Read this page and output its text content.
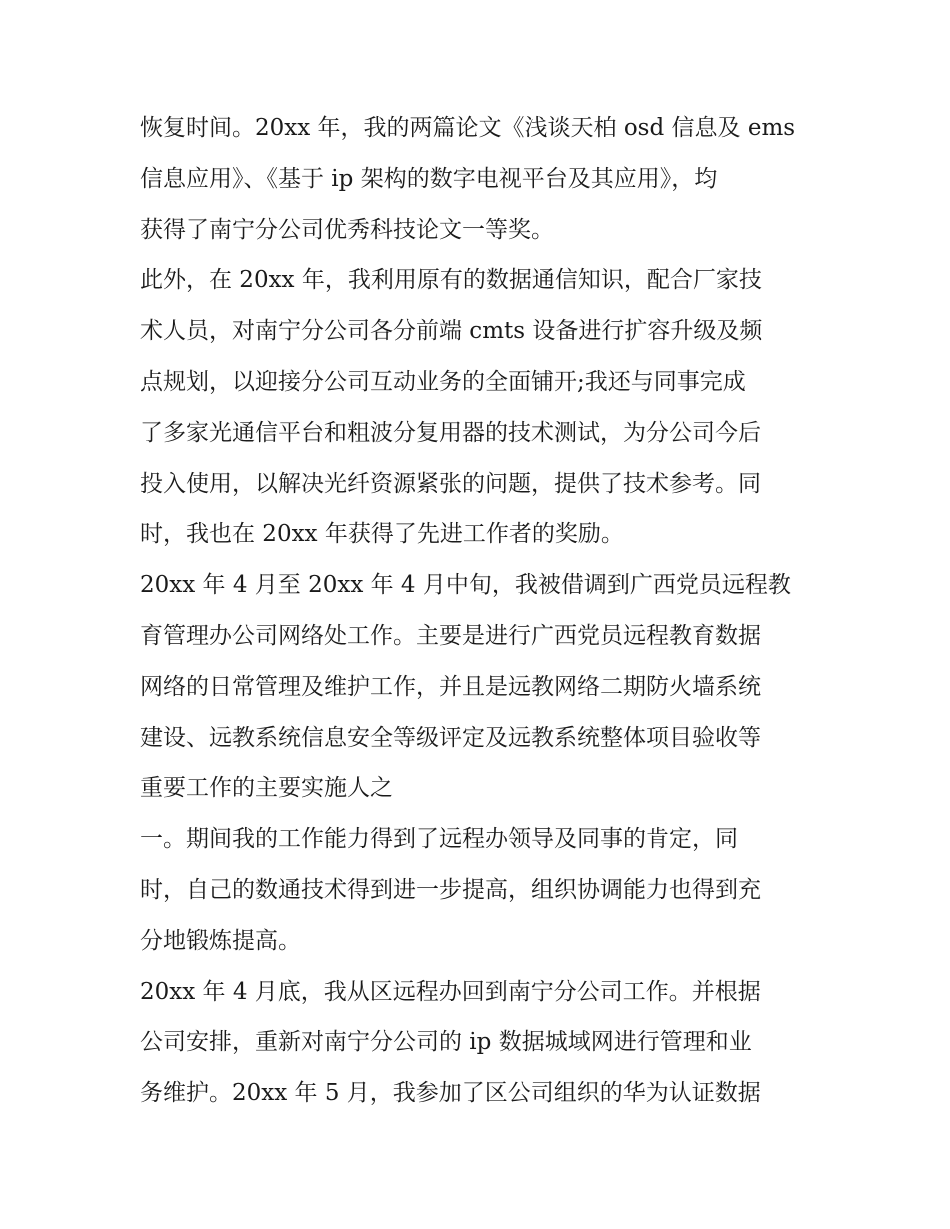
恢复时间。20xx 年，我的两篇论文《浅谈天柏 osd 信息及 ems
信息应用》、《基于 ip 架构的数字电视平台及其应用》，均
获得了南宁分公司优秀科技论文一等奖。
此外，在 20xx 年，我利用原有的数据通信知识，配合厂家技
术人员，对南宁分公司各分前端 cmts 设备进行扩容升级及频
点规划，以迎接分公司互动业务的全面铺开;我还与同事完成
了多家光通信平台和粗波分复用器的技术测试，为分公司今后
投入使用，以解决光纤资源紧张的问题，提供了技术参考。同
时，我也在 20xx 年获得了先进工作者的奖励。
20xx 年 4 月至 20xx 年 4 月中旬，我被借调到广西党员远程教
育管理办公司网络处工作。主要是进行广西党员远程教育数据
网络的日常管理及维护工作，并且是远教网络二期防火墙系统
建设、远教系统信息安全等级评定及远教系统整体项目验收等
重要工作的主要实施人之
一。期间我的工作能力得到了远程办领导及同事的肯定，同
时，自己的数通技术得到进一步提高，组织协调能力也得到充
分地锻炼提高。
20xx 年 4 月底，我从区远程办回到南宁分公司工作。并根据
公司安排，重新对南宁分公司的 ip 数据城域网进行管理和业
务维护。20xx 年 5 月，我参加了区公司组织的华为认证数据
